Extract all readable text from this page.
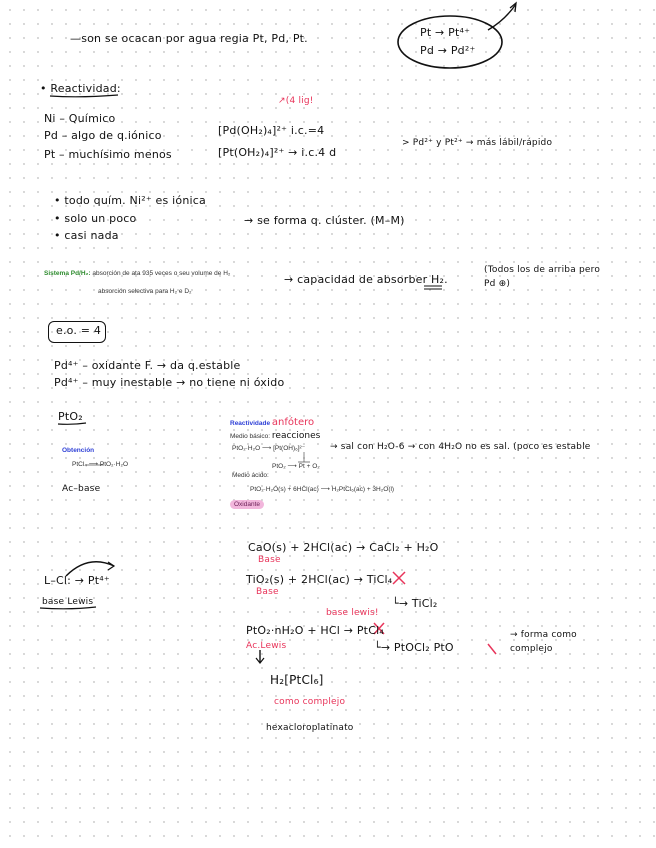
—son se ocacan por agua regia Pt, Pd, Pt.	Pt → Pt⁴⁺
Pd → Pd²⁺
• Reactividad:
↗(4 lig!
Ni – Químico
Pd – algo de q.iónico	[Pd(OH₂)₄]²⁺ i.c.=4
Pt – muchísimo menos	[Pt(OH₂)₄]²⁺ → i.c.4 d
> Pd²⁺ y Pt²⁺ → más lábil/rápido
• todo quím. Ni²⁺ es iónica
• solo un poco
• casi nada
→ se forma q. clúster. (M–M)
Sistema Pd/H₂: absorción de ata 935 veces o seu volume de H₂
absorción selectiva para H₂ e D₂
→ capacidad de absorber H₂.
(Todos los de arriba pero Pd ⊕)
e.o. = 4
Pd⁴⁺ – oxidante F. → da q.estable
Pd⁴⁺ – muy inestable → no tiene ni óxido
PtO₂
Obtención
PtCl₄ ⟶ PtO₂·H₂O
Ac–base
Reactividade anfótero
Medio básico: reacciones
PtO₂·H₂O ⟶ [Pt(OH)₆]²⁻
PtO₂ ⟶ Pt + O₂
→ sal con H₂O-6 → con 4H₂O no es sal. (poco es estable
Medio ácido:
PtO₂·H₂O(s) + 6HCl(ac) ⟶ H₂PtCl₆(ac) + 3H₂O(l)
Oxidante
CaO(s) + 2HCl(ac) → CaCl₂ + H₂O
Base
TiO₂(s) + 2HCl(ac) → TiCl₄
Base
└→ TiCl₂
L–Cl: → Pt⁴⁺
base Lewis
base lewis!
PtO₂·nH₂O + HCl → PtCl₄
Ac.Lewis	└→ PtOCl₂ PtO
→ forma como complejo
H₂[PtCl₆]
como complejo
hexacloroplatinato
